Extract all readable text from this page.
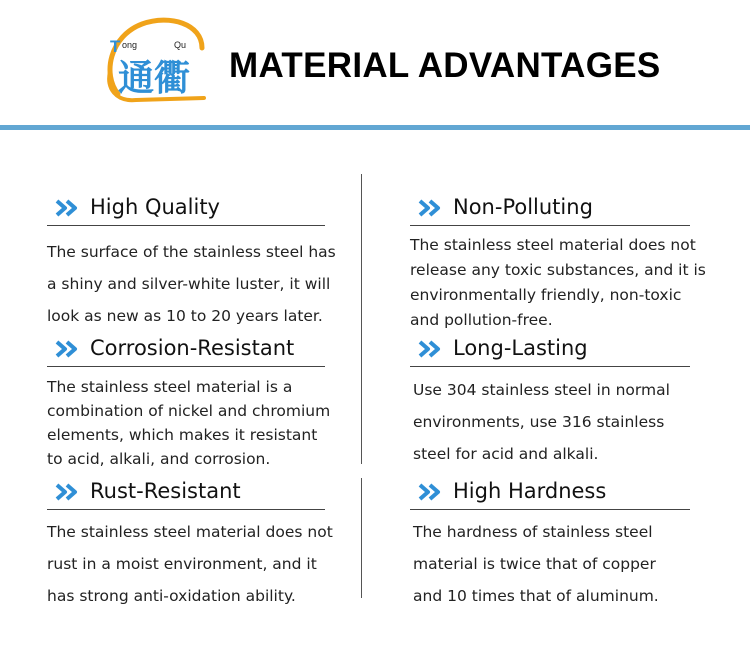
T ong	Qu
通衢 MATERIAL ADVANTAGES
High Quality
The surface of the stainless steel has
a shiny and silver-white luster, it will
look as new as 10 to 20 years later.
Non-Polluting
The stainless steel material does not
release any toxic substances, and it is
environmentally friendly, non-toxic
and pollution-free.
Corrosion-Resistant
The stainless steel material is a
combination of nickel and chromium
elements, which makes it resistant
to acid, alkali, and corrosion.
Long-Lasting
Use 304 stainless steel in normal
environments, use 316 stainless
steel for acid and alkali.
Rust-Resistant
The stainless steel material does not
rust in a moist environment, and it
has strong anti-oxidation ability.
High Hardness
The hardness of stainless steel
material is twice that of copper
and 10 times that of aluminum.
